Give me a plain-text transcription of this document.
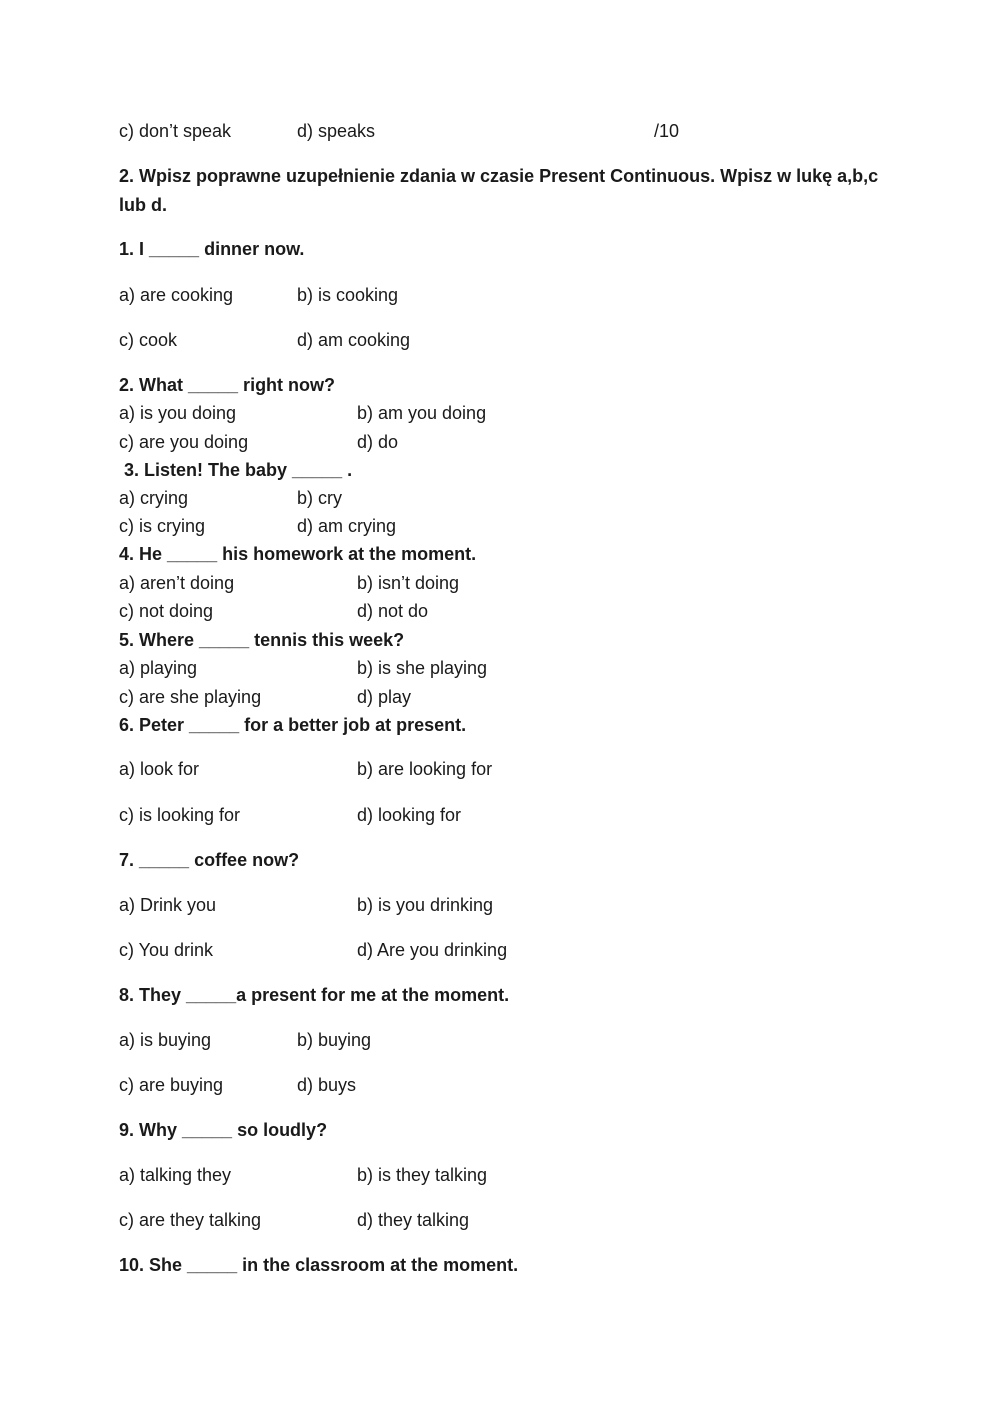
c) don’t speak	d) speaks	/10
2. Wpisz poprawne uzupełnienie zdania w czasie Present Continuous. Wpisz w lukę a,b,c
lub d.
1. I _____ dinner now.
a) are cooking	b) is cooking
c) cook	d) am cooking
2. What _____ right now?
a) is you doing	b) am you doing
c) are you doing	d) do
3. Listen! The baby _____ .
a) crying	b) cry
c) is crying	d) am crying
4. He _____ his homework at the moment.
a) aren’t doing	b) isn’t doing
c) not doing	d) not do
5. Where _____ tennis this week?
a) playing	b) is she playing
c) are she playing	d) play
6. Peter _____ for a better job at present.
a) look for	b) are looking for
c) is looking for	d) looking for
7. _____ coffee now?
a) Drink you	b) is you drinking
c) You drink	d) Are you drinking
8. They _____a present for me at the moment.
a) is buying	b) buying
c) are buying	d) buys
9. Why _____ so loudly?
a) talking they	b) is they talking
c) are they talking	d) they talking
10. She _____ in the classroom at the moment.
